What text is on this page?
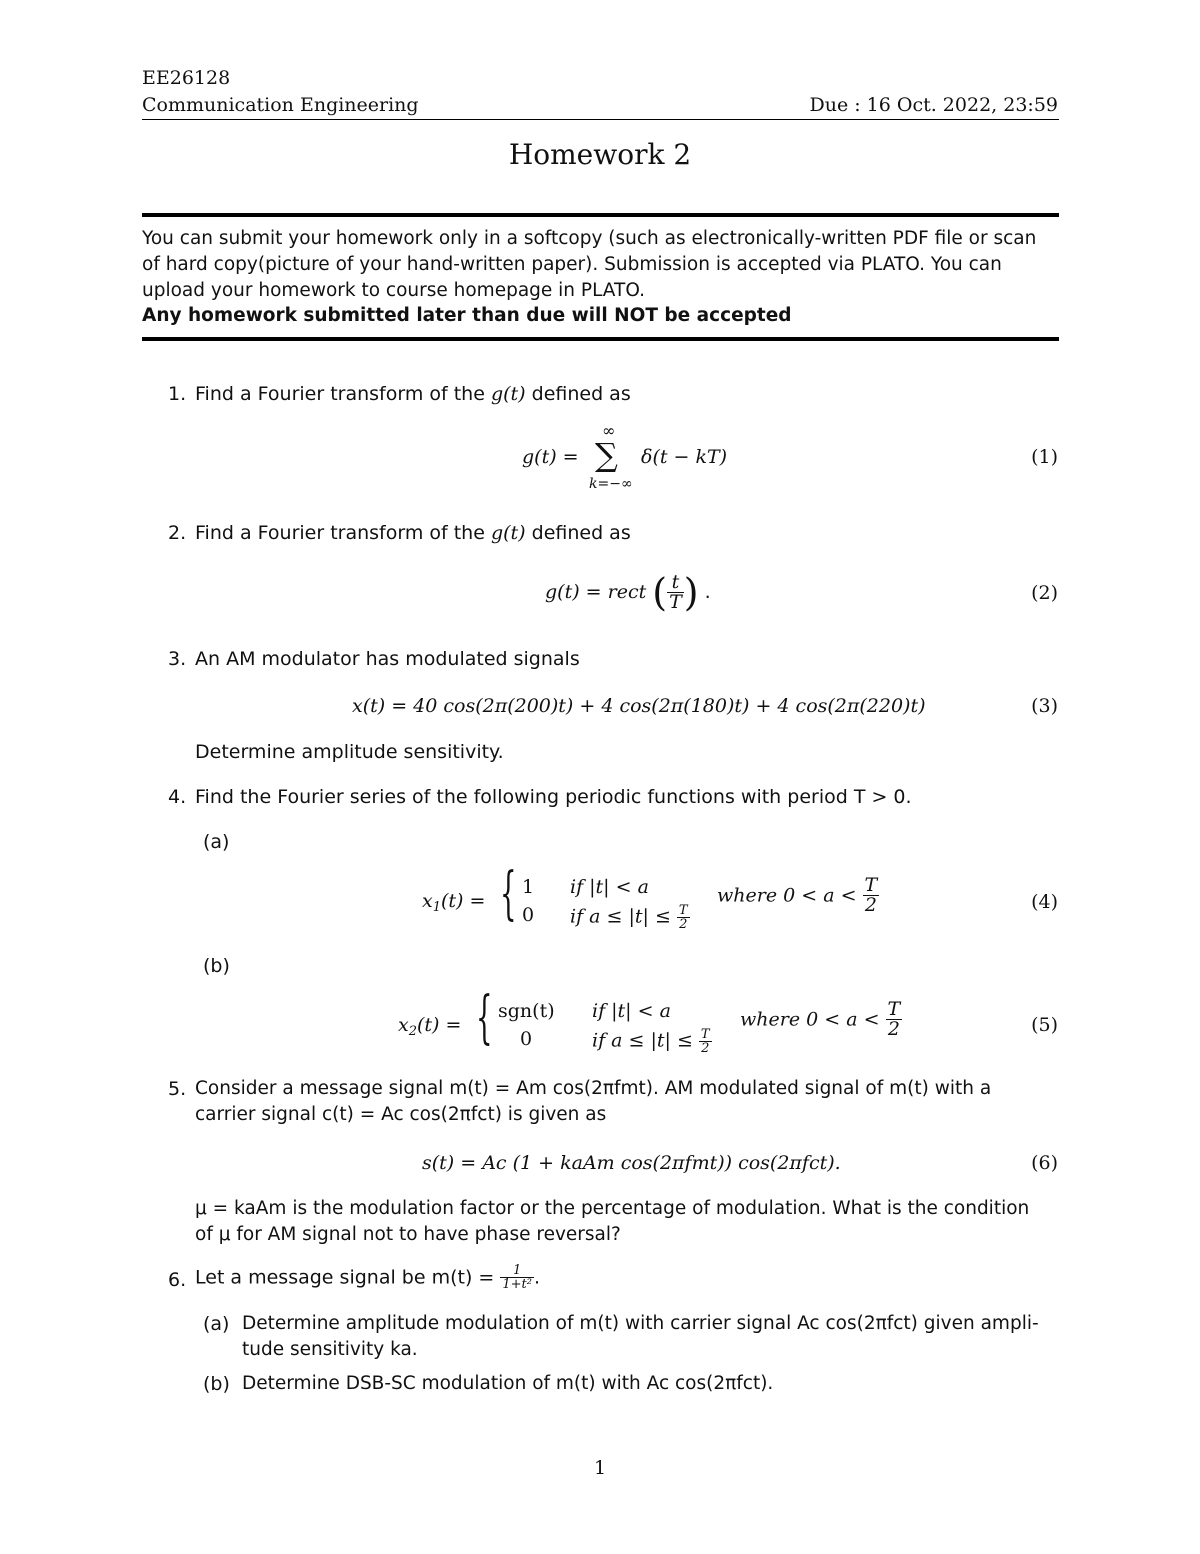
EE26128
Communication Engineering	Due : 16 Oct. 2022, 23:59
Homework 2
You can submit your homework only in a softcopy (such as electronically-written PDF file or scan of hard copy(picture of your hand-written paper). Submission is accepted via PLATO. You can upload your homework to course homepage in PLATO.
Any homework submitted later than due will NOT be accepted
1. Find a Fourier transform of the g(t) defined as
g(t) =
∞
∑
k=−∞
δ(t − kT)	(1)
2. Find a Fourier transform of the g(t) defined as
g(t) = rect ( $\frac{t}{T}$ ) .	(2)
3. An AM modulator has modulated signals
x(t) = 40 cos(2π(200)t) + 4 cos(2π(180)t) + 4 cos(2π(220)t)	(3)
Determine amplitude sensitivity.
4. Find the Fourier series of the following periodic functions with period T > 0.
(a)
$x_1(t)$ = { 1 if |t| < a
0 if $a \le |t| \le \frac{T}{2}$
where $0 < a < \frac{T}{2}$	(4)
(b)
$x_2(t)$ = { sgn(t)
0
if |t| < a
if $a \le |t| \le \frac{T}{2}$
where $0 < a < \frac{T}{2}$	(5)
5. Consider a message signal m(t) = Am cos(2πfmt). AM modulated signal of m(t) with a
carrier signal c(t) = Ac cos(2πfct) is given as
s(t) = Ac (1 + kaAm cos(2πfmt)) cos(2πfct).	(6)
μ = kaAm is the modulation factor or the percentage of modulation. What is the condition
of μ for AM signal not to have phase reversal?
6. Let a message signal be $m(t) = \frac{1}{\text{1+t²}}$ .
(a) Determine amplitude modulation of m(t) with carrier signal Ac cos(2πfct) given ampli-
tude sensitivity ka.
(b) Determine DSB-SC modulation of m(t) with Ac cos(2πfct).
1
